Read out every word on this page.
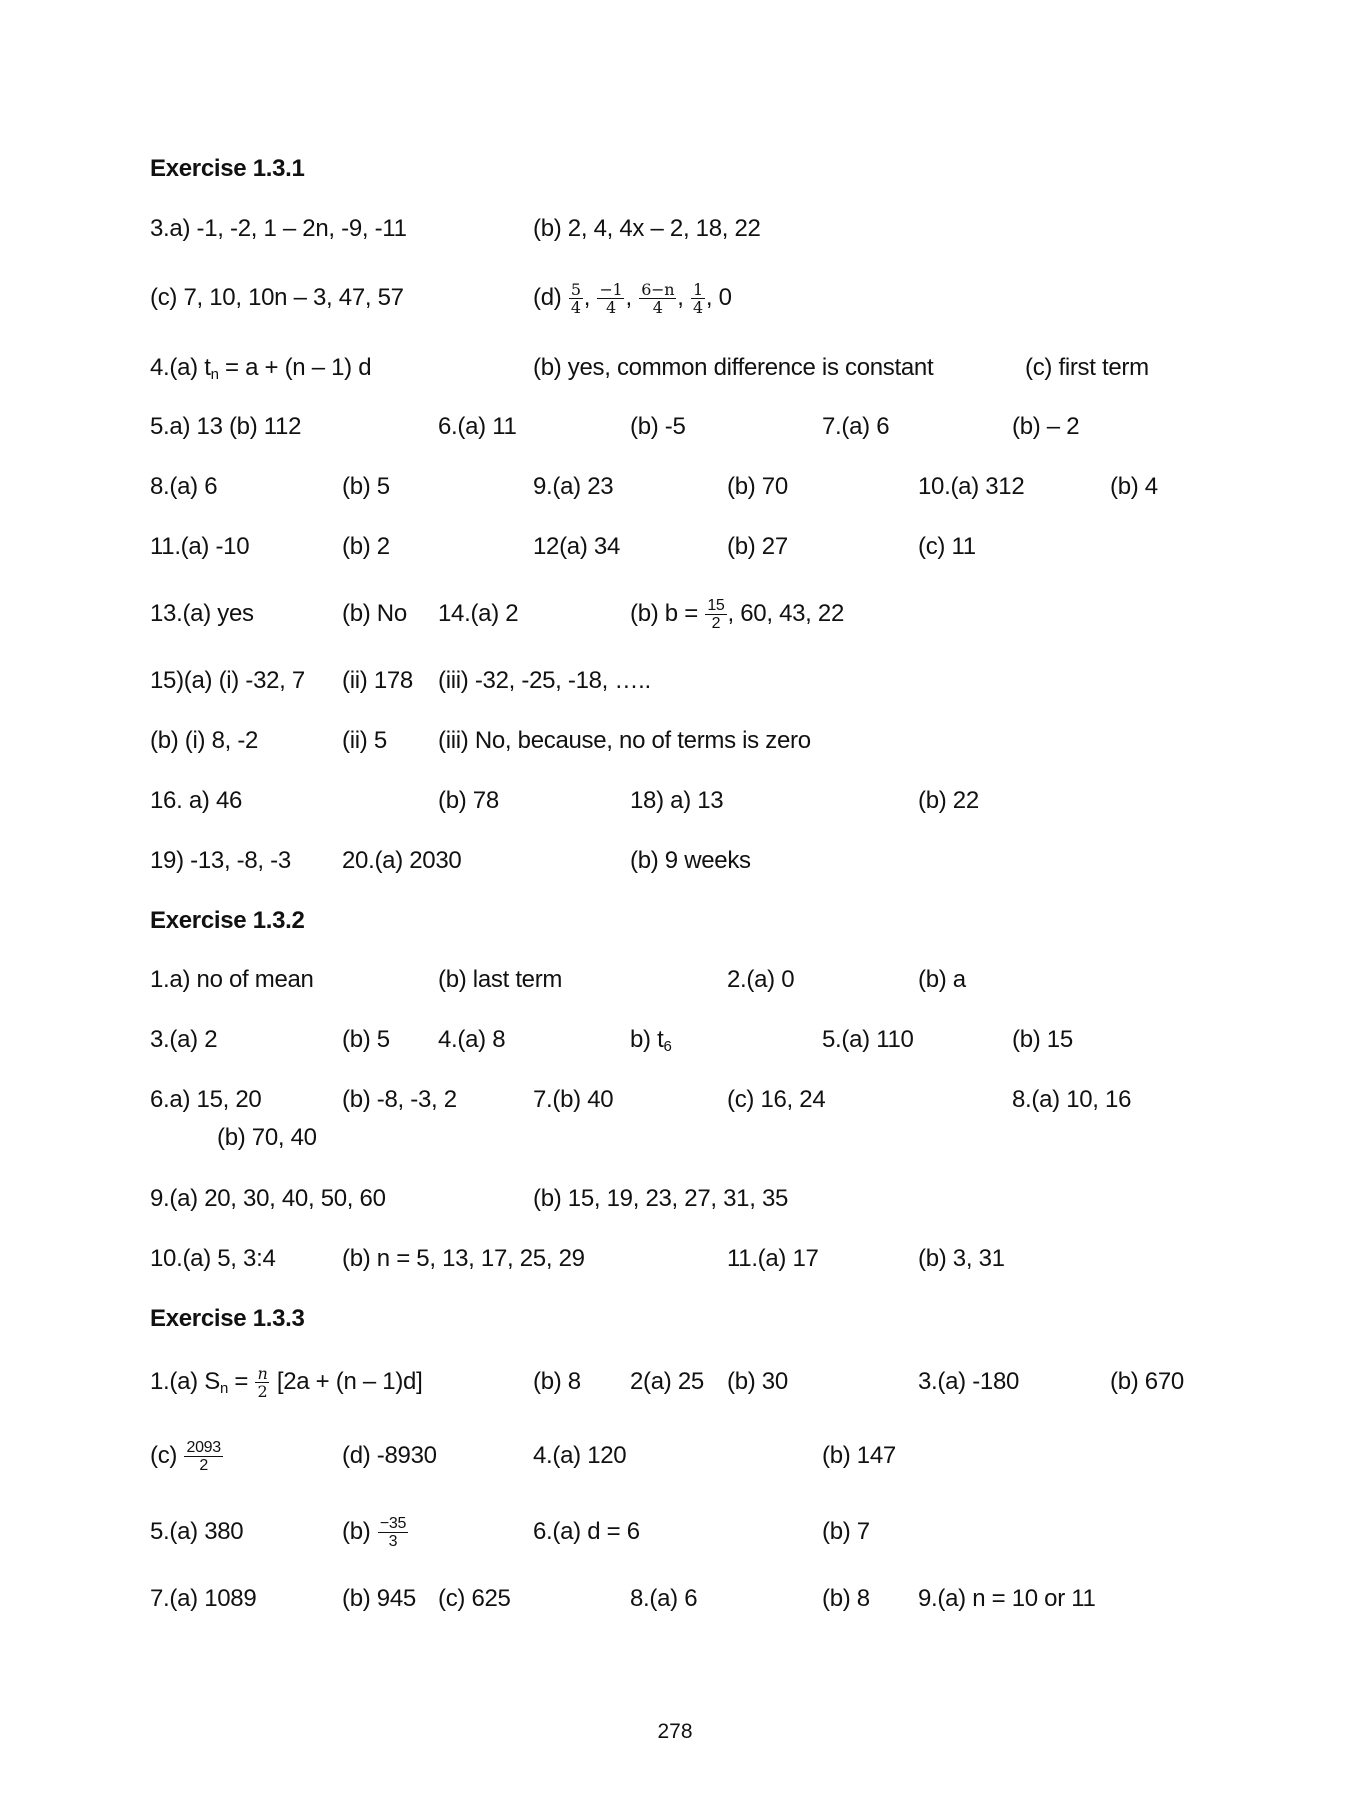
Exercise 1.3.1
3.a) -1, -2, 1 – 2n, -9, -11	(b) 2, 4, 4x – 2, 18, 22
(c) 7, 10, 10n – 3, 47, 57	$(d) \frac{5}{4}$ , $\frac{-1}{4}$ , $\frac{6-n}{4}$ , $\frac{1}{4}$ , 0
4.(a) $t_n = a + (n - 1)$ d	(b) yes, common difference is constant	(c) first term
5.a) 13 (b) 112	6.(a) 11	(b) -5	7.(a) 6	(b) – 2
8.(a) 6	(b) 5	9.(a) 23	(b) 70	10.(a) 312	(b) 4
11.(a) -10	(b) 2	12(a) 34	(b) 27	(c) 11
13.(a) yes	(b) No 14.(a) 2	(b) $b = \frac{15}{2}$ , 60, 43, 22
15)(a) (i) -32, 7 (ii) 178 (iii) -32, -25, -18, …..
(b) (i) 8, -2	(ii) 5 (iii) No, because, no of terms is zero
16. a) 46	(b) 78	18) a) 13	(b) 22
19) -13, -8, -3 20.(a) 2030	(b) 9 weeks
Exercise 1.3.2
1.a) no of mean	(b) last term	2.(a) 0	(b) a
3.(a) 2	(b) 5 4.(a) 8	b) $t_6$	5.(a) 110	(b) 15
6.a) 15, 20	(b) -8, -3, 2	7.(b) 40	(c) 16, 24	8.(a) 10, 16
(b) 70, 40
9.(a) 20, 30, 40, 50, 60	(b) 15, 19, 23, 27, 31, 35
10.(a) 5, 3:4	(b) n = 5, 13, 17, 25, 29	11.(a) 17	(b) 3, 31
Exercise 1.3.3
1.(a) $S_n = \frac{n}{2} [2a + (n - 1)d]$	(b) 8 2(a) 25 (b) 30	3.(a) -180	(b) 670
$(c) \frac{2093}{2}$	(d) -8930	4.(a) 120	(b) 147
5.(a) 380	$(b) \frac{-35}{3}$	6.(a) d = 6	(b) 7
7.(a) 1089	(b) 945 (c) 625	8.(a) 6	(b) 8 9.(a) n = 10 or 11
278
